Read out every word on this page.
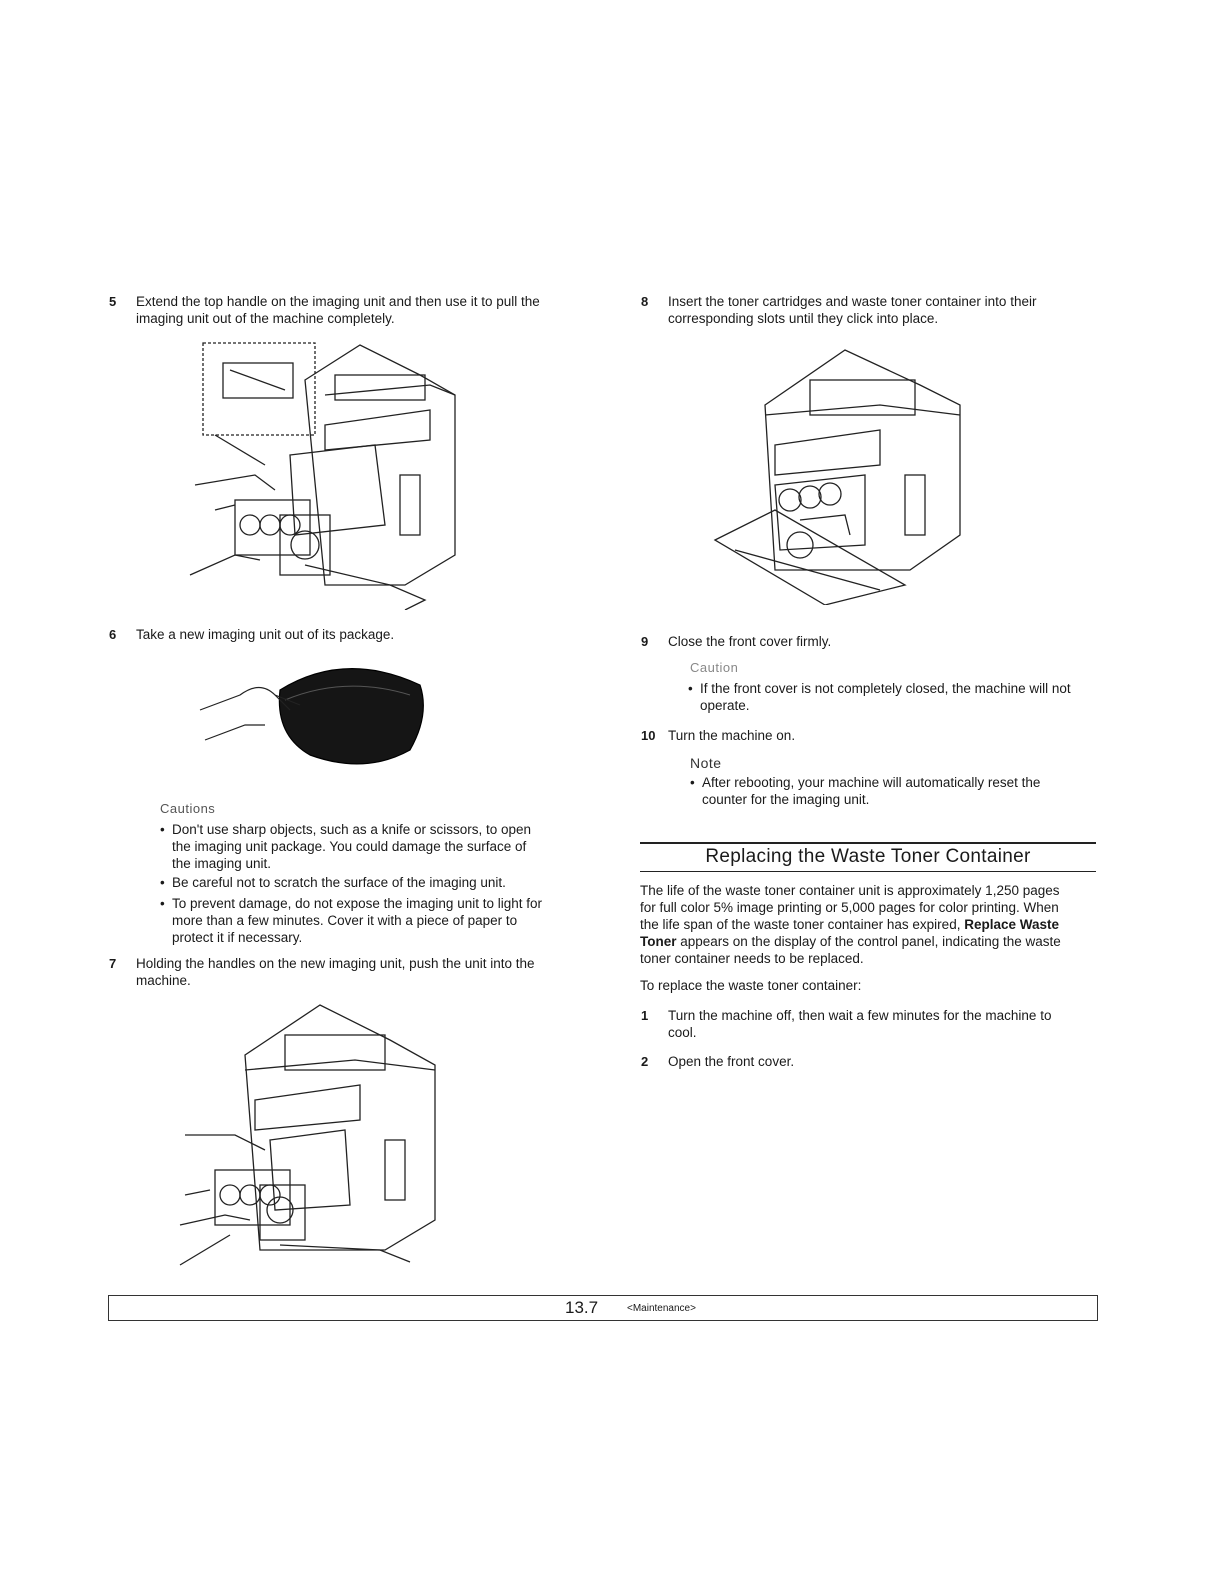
5 Extend the top handle on the imaging unit and then use it to pull the
imaging unit out of the machine completely.
6 Take a new imaging unit out of its package.
Cautions
• Don't use sharp objects, such as a knife or scissors, to open
the imaging unit package. You could damage the surface of
the imaging unit.
• Be careful not to scratch the surface of the imaging unit.
• To prevent damage, do not expose the imaging unit to light for
more than a few minutes. Cover it with a piece of paper to
protect it if necessary.
7 Holding the handles on the new imaging unit, push the unit into the
machine.
8 Insert the toner cartridges and waste toner container into their
corresponding slots until they click into place.
9 Close the front cover firmly.
Caution
• If the front cover is not completely closed, the machine will not
operate.
10 Turn the machine on.
Note
• After rebooting, your machine will automatically reset the
counter for the imaging unit.
Replacing the Waste Toner Container
The life of the waste toner container unit is approximately 1,250 pages
for full color 5% image printing or 5,000 pages for color printing. When
the life span of the waste toner container has expired, Replace Waste
Toner appears on the display of the control panel, indicating the waste
toner container needs to be replaced.
To replace the waste toner container:
1 Turn the machine off, then wait a few minutes for the machine to
cool.
2 Open the front cover.
13.7	<Maintenance>
